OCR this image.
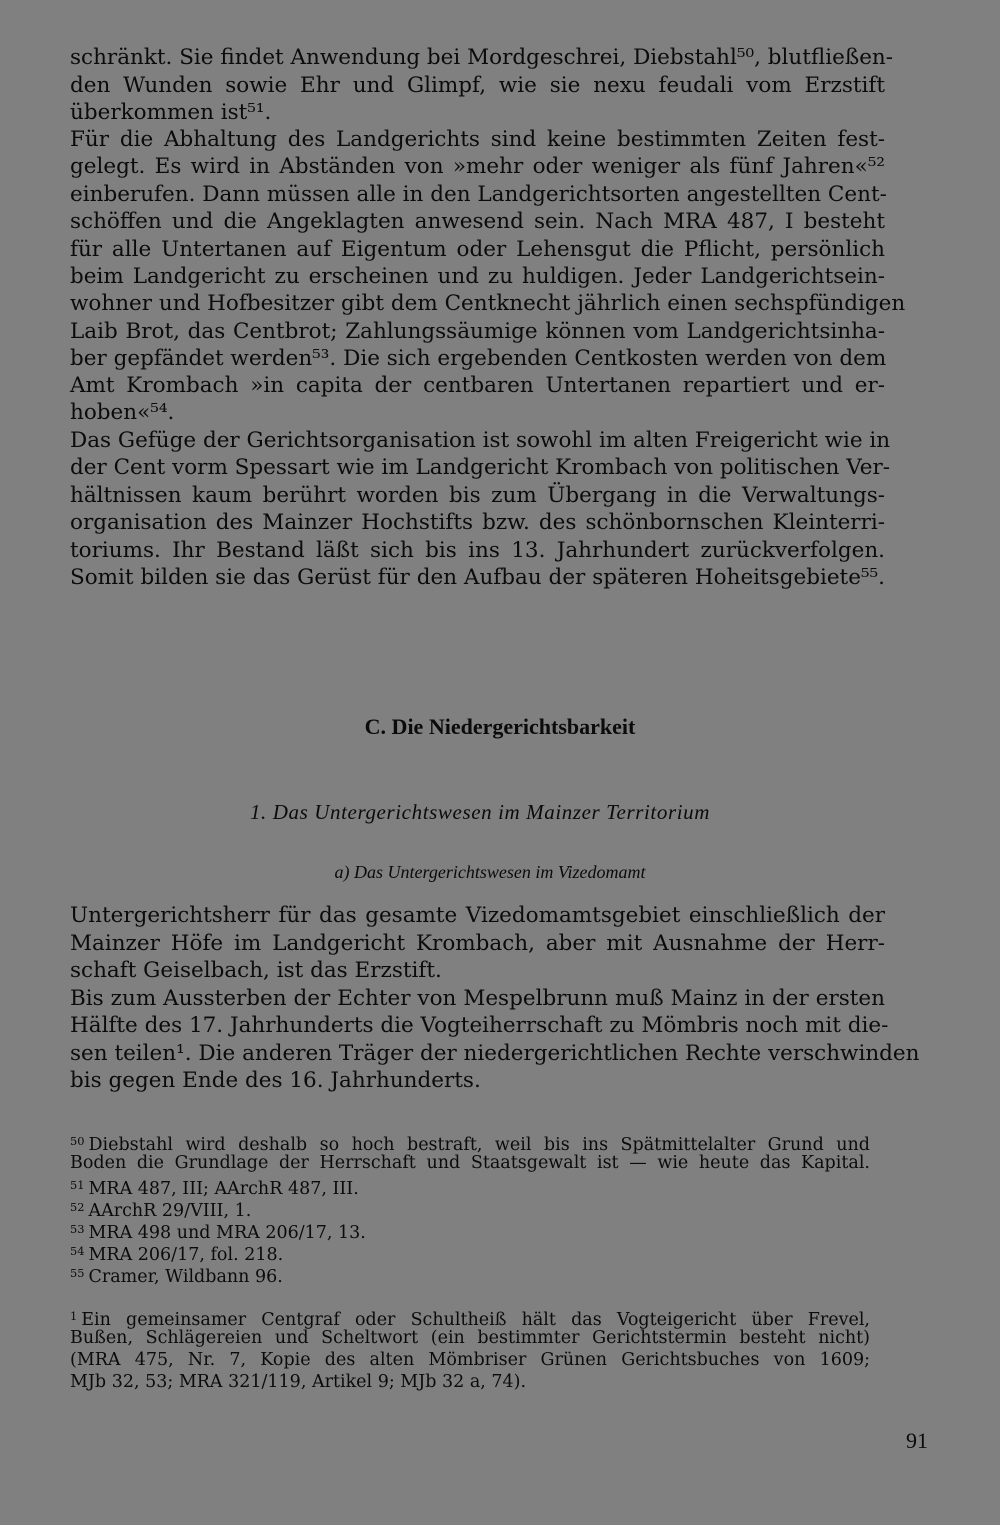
schränkt. Sie findet Anwendung bei Mordgeschrei, Diebstahl⁵⁰, blutfließen-
den Wunden sowie Ehr und Glimpf, wie sie nexu feudali vom Erzstift
überkommen ist⁵¹.
Für die Abhaltung des Landgerichts sind keine bestimmten Zeiten fest-
gelegt. Es wird in Abständen von »mehr oder weniger als fünf Jahren«⁵²
einberufen. Dann müssen alle in den Landgerichtsorten angestellten Cent-
schöffen und die Angeklagten anwesend sein. Nach MRA 487, I besteht
für alle Untertanen auf Eigentum oder Lehensgut die Pflicht, persönlich
beim Landgericht zu erscheinen und zu huldigen. Jeder Landgerichtsein-
wohner und Hofbesitzer gibt dem Centknecht jährlich einen sechspfündigen
Laib Brot, das Centbrot; Zahlungssäumige können vom Landgerichtsinha-
ber gepfändet werden⁵³. Die sich ergebenden Centkosten werden von dem
Amt Krombach »in capita der centbaren Untertanen repartiert und er-
hoben«⁵⁴.
Das Gefüge der Gerichtsorganisation ist sowohl im alten Freigericht wie in
der Cent vorm Spessart wie im Landgericht Krombach von politischen Ver-
hältnissen kaum berührt worden bis zum Übergang in die Verwaltungs-
organisation des Mainzer Hochstifts bzw. des schönbornschen Kleinterri-
toriums. Ihr Bestand läßt sich bis ins 13. Jahrhundert zurückverfolgen.
Somit bilden sie das Gerüst für den Aufbau der späteren Hoheitsgebiete⁵⁵.
C. Die Niedergerichtsbarkeit
1. Das Untergerichtswesen im Mainzer Territorium
a) Das Untergerichtswesen im Vizedomamt
Untergerichtsherr für das gesamte Vizedomamtsgebiet einschließlich der
Mainzer Höfe im Landgericht Krombach, aber mit Ausnahme der Herr-
schaft Geiselbach, ist das Erzstift.
Bis zum Aussterben der Echter von Mespelbrunn muß Mainz in der ersten
Hälfte des 17. Jahrhunderts die Vogteiherrschaft zu Mömbris noch mit die-
sen teilen¹. Die anderen Träger der niedergerichtlichen Rechte verschwinden
bis gegen Ende des 16. Jahrhunderts.
$^{50}$ Diebstahl wird deshalb so hoch bestraft, weil bis ins Spätmittelalter Grund und
Boden die Grundlage der Herrschaft und Staatsgewalt ist — wie heute das Kapital.
$^{51}$ MRA 487, III; AArchR 487, III.
$^{52}$ AArchR 29/VIII, 1.
$^{53}$ MRA 498 und MRA 206/17, 13.
$^{54}$ MRA 206/17, fol. 218.
$^{55}$ Cramer, Wildbann 96.
$^1$ Ein gemeinsamer Centgraf oder Schultheiß hält das Vogteigericht über Frevel,
Bußen, Schlägereien und Scheltwort (ein bestimmter Gerichtstermin besteht nicht)
(MRA 475, Nr. 7, Kopie des alten Mömbriser Grünen Gerichtsbuches von 1609;
MJb 32, 53; MRA 321/119, Artikel 9; MJb 32 a, 74).
91
